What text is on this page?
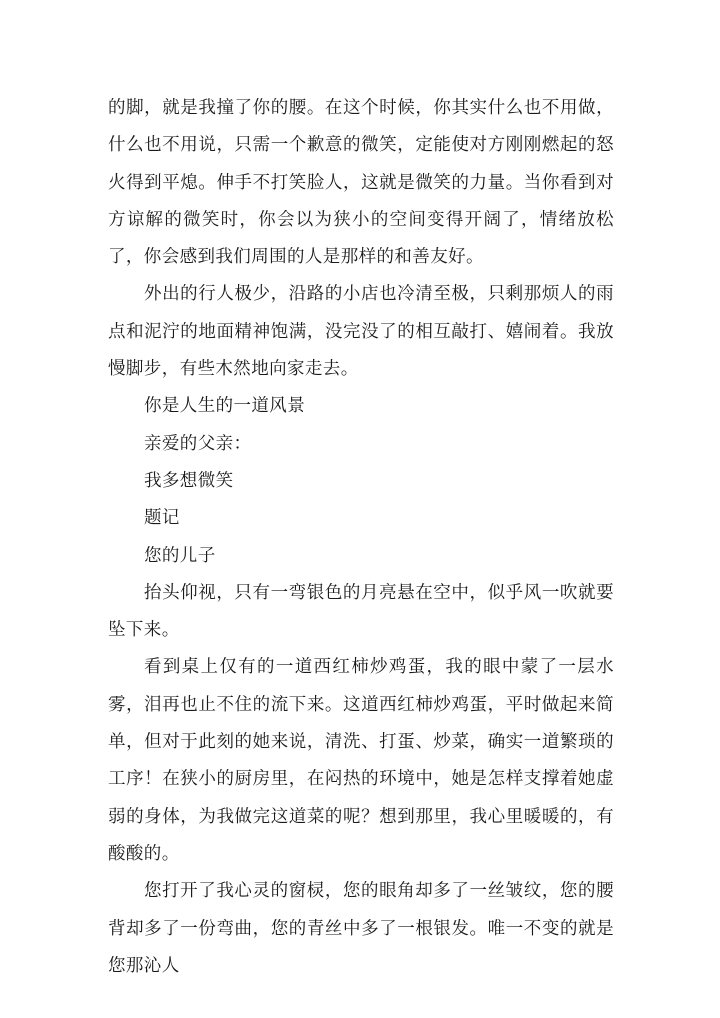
的脚，就是我撞了你的腰。在这个时候，你其实什么也不用做，什么也不用说，只需一个歉意的微笑，定能使对方刚刚燃起的怒火得到平熄。伸手不打笑脸人，这就是微笑的力量。当你看到对方谅解的微笑时，你会以为狭小的空间变得开阔了，情绪放松了，你会感到我们周围的人是那样的和善友好。

外出的行人极少，沿路的小店也冷清至极，只剩那烦人的雨点和泥泞的地面精神饱满，没完没了的相互敲打、嬉闹着。我放慢脚步，有些木然地向家走去。

你是人生的一道风景

亲爱的父亲：

我多想微笑

题记

您的儿子

抬头仰视，只有一弯银色的月亮悬在空中，似乎风一吹就要坠下来。

看到桌上仅有的一道西红柿炒鸡蛋，我的眼中蒙了一层水雾，泪再也止不住的流下来。这道西红柿炒鸡蛋，平时做起来简单，但对于此刻的她来说，清洗、打蛋、炒菜，确实一道繁琐的工序！在狭小的厨房里，在闷热的环境中，她是怎样支撑着她虚弱的身体，为我做完这道菜的呢？想到那里，我心里暖暖的，有酸酸的。

您打开了我心灵的窗棂，您的眼角却多了一丝皱纹，您的腰背却多了一份弯曲，您的青丝中多了一根银发。唯一不变的就是您那沁人
